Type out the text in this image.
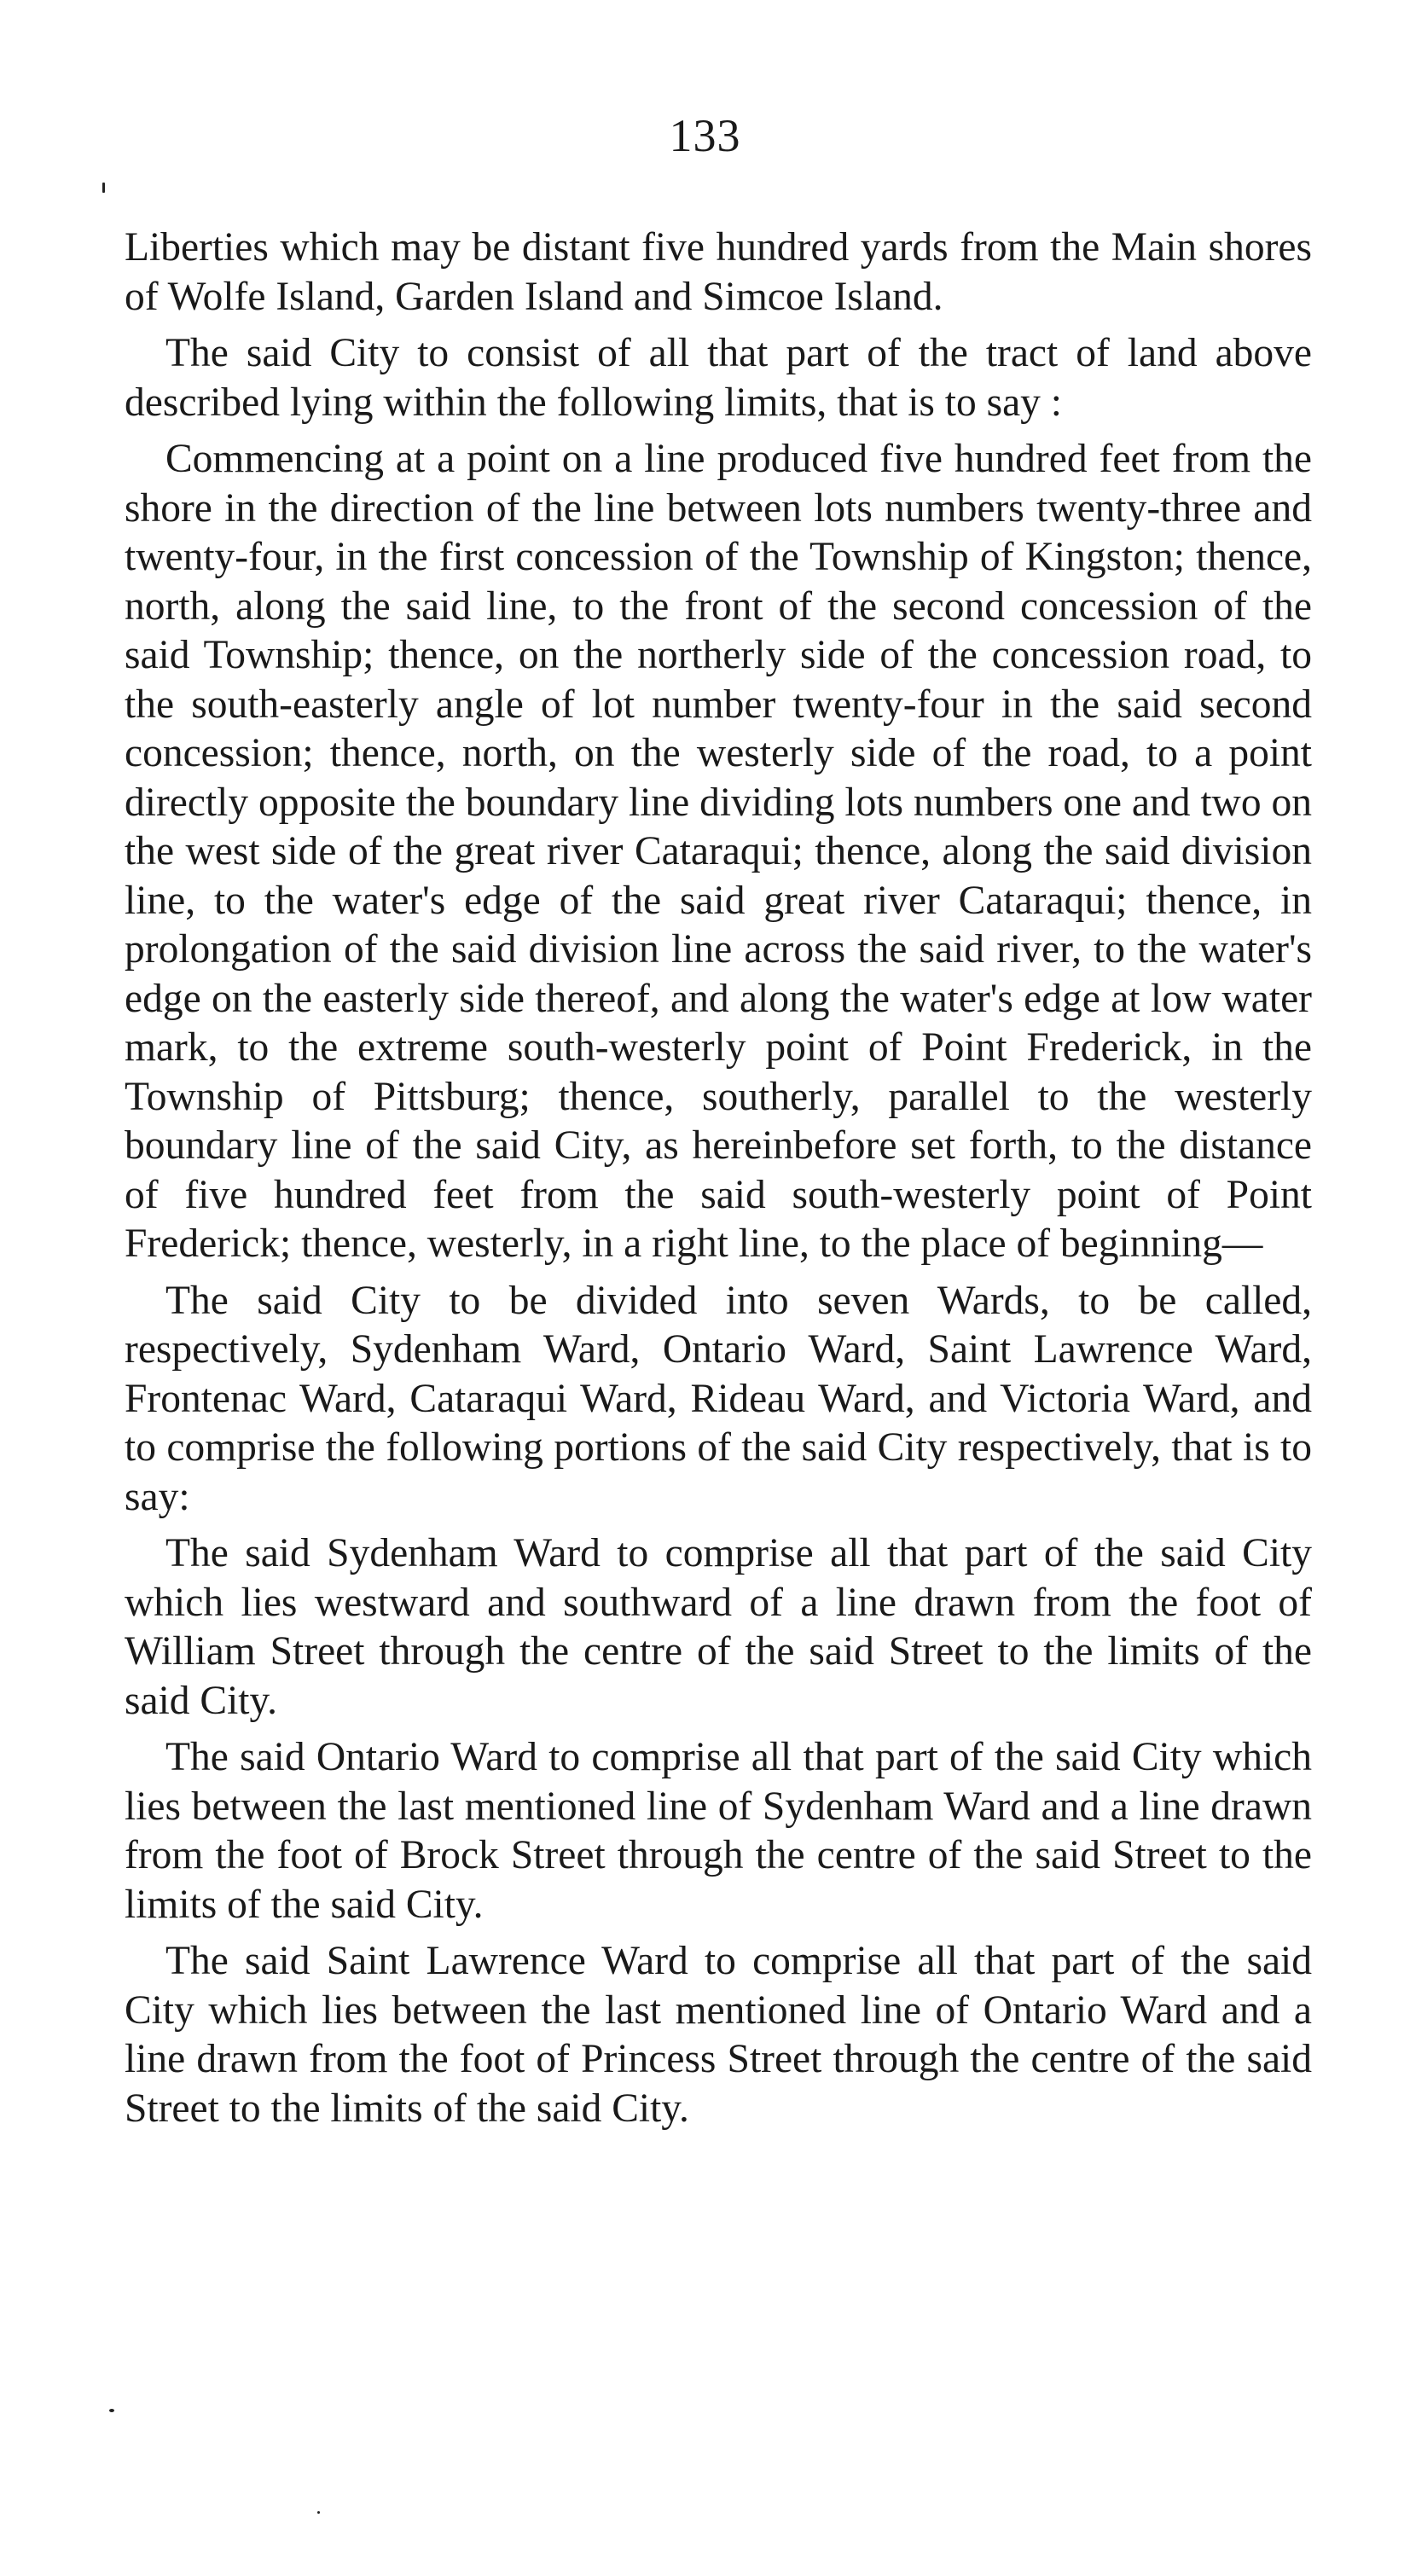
133

Liberties which may be distant five hundred yards from the Main shores of Wolfe Island, Garden Island and Simcoe Island.

The said City to consist of all that part of the tract of land above described lying within the following limits, that is to say :

Commencing at a point on a line produced five hundred feet from the shore in the direction of the line between lots numbers twenty-three and twenty-four, in the first concession of the Township of Kingston; thence, north, along the said line, to the front of the second concession of the said Township; thence, on the northerly side of the concession road, to the south-easterly angle of lot number twenty-four in the said second concession; thence, north, on the westerly side of the road, to a point directly opposite the boundary line dividing lots numbers one and two on the west side of the great river Cataraqui; thence, along the said division line, to the water's edge of the said great river Cataraqui; thence, in prolongation of the said division line across the said river, to the water's edge on the easterly side thereof, and along the water's edge at low water mark, to the extreme south-westerly point of Point Frederick, in the Township of Pittsburg; thence, southerly, parallel to the westerly boundary line of the said City, as hereinbefore set forth, to the distance of five hundred feet from the said south-westerly point of Point Frederick; thence, westerly, in a right line, to the place of beginning—

The said City to be divided into seven Wards, to be called, respectively, Sydenham Ward, Ontario Ward, Saint Lawrence Ward, Frontenac Ward, Cataraqui Ward, Rideau Ward, and Victoria Ward, and to comprise the following portions of the said City respectively, that is to say:

The said Sydenham Ward to comprise all that part of the said City which lies westward and southward of a line drawn from the foot of William Street through the centre of the said Street to the limits of the said City.

The said Ontario Ward to comprise all that part of the said City which lies between the last mentioned line of Sydenham Ward and a line drawn from the foot of Brock Street through the centre of the said Street to the limits of the said City.

The said Saint Lawrence Ward to comprise all that part of the said City which lies between the last mentioned line of Ontario Ward and a line drawn from the foot of Princess Street through the centre of the said Street to the limits of the said City.
